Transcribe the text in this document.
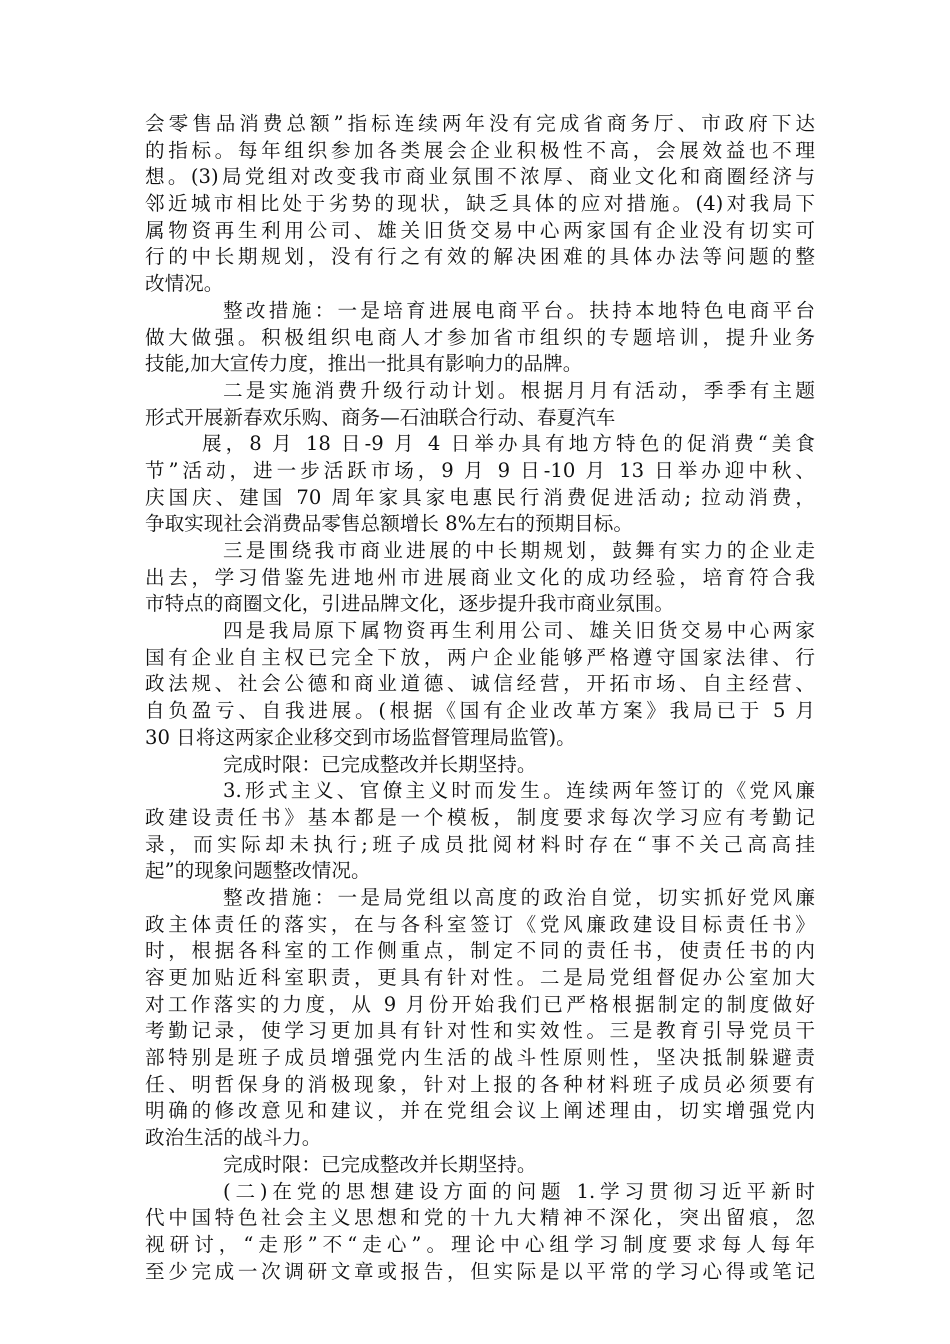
会零售品消费总额”指标连续两年没有完成省商务厅、市政府下达
的指标。每年组织参加各类展会企业积极性不高，会展效益也不理
想。(3)局党组对改变我市商业氛围不浓厚、商业文化和商圈经济与
邻近城市相比处于劣势的现状，缺乏具体的应对措施。(4)对我局下
属物资再生利用公司、雄关旧货交易中心两家国有企业没有切实可
行的中长期规划，没有行之有效的解决困难的具体办法等问题的整
改情况。
整改措施：一是培育进展电商平台。扶持本地特色电商平台
做大做强。积极组织电商人才参加省市组织的专题培训，提升业务
技能,加大宣传力度，推出一批具有影响力的品牌。
二是实施消费升级行动计划。根据月月有活动，季季有主题
形式开展新春欢乐购、商务—石油联合行动、春夏汽车
展，8 月 18 日-9 月 4 日举办具有地方特色的促消费“美食
节”活动，进一步活跃市场，9 月 9 日-10 月 13 日举办迎中秋、
庆国庆、建国 70 周年家具家电惠民行消费促进活动; 拉动消费，
争取实现社会消费品零售总额增长 8%左右的预期目标。
三是围绕我市商业进展的中长期规划，鼓舞有实力的企业走
出去，学习借鉴先进地州市进展商业文化的成功经验，培育符合我
市特点的商圈文化，引进品牌文化，逐步提升我市商业氛围。
四是我局原下属物资再生利用公司、雄关旧货交易中心两家
国有企业自主权已完全下放，两户企业能够严格遵守国家法律、行
政法规、社会公德和商业道德、诚信经营，开拓市场、自主经营、
自负盈亏、自我进展。(根据《国有企业改革方案》我局已于 5 月
30 日将这两家企业移交到市场监督管理局监管)。
完成时限：已完成整改并长期坚持。
3.形式主义、官僚主义时而发生。连续两年签订的《党风廉
政建设责任书》基本都是一个模板，制度要求每次学习应有考勤记
录，而实际却未执行;班子成员批阅材料时存在“事不关己高高挂
起”的现象问题整改情况。
整改措施：一是局党组以高度的政治自觉，切实抓好党风廉
政主体责任的落实，在与各科室签订《党风廉政建设目标责任书》
时，根据各科室的工作侧重点，制定不同的责任书，使责任书的内
容更加贴近科室职责，更具有针对性。二是局党组督促办公室加大
对工作落实的力度，从 9 月份开始我们已严格根据制定的制度做好
考勤记录，使学习更加具有针对性和实效性。三是教育引导党员干
部特别是班子成员增强党内生活的战斗性原则性，坚决抵制躲避责
任、明哲保身的消极现象，针对上报的各种材料班子成员必须要有
明确的修改意见和建议，并在党组会议上阐述理由，切实增强党内
政治生活的战斗力。
完成时限：已完成整改并长期坚持。
(二)在党的思想建设方面的问题 1.学习贯彻习近平新时
代中国特色社会主义思想和党的十九大精神不深化，突出留痕，忽
视研讨，“走形”不“走心”。理论中心组学习制度要求每人每年
至少完成一次调研文章或报告，但实际是以平常的学习心得或笔记
